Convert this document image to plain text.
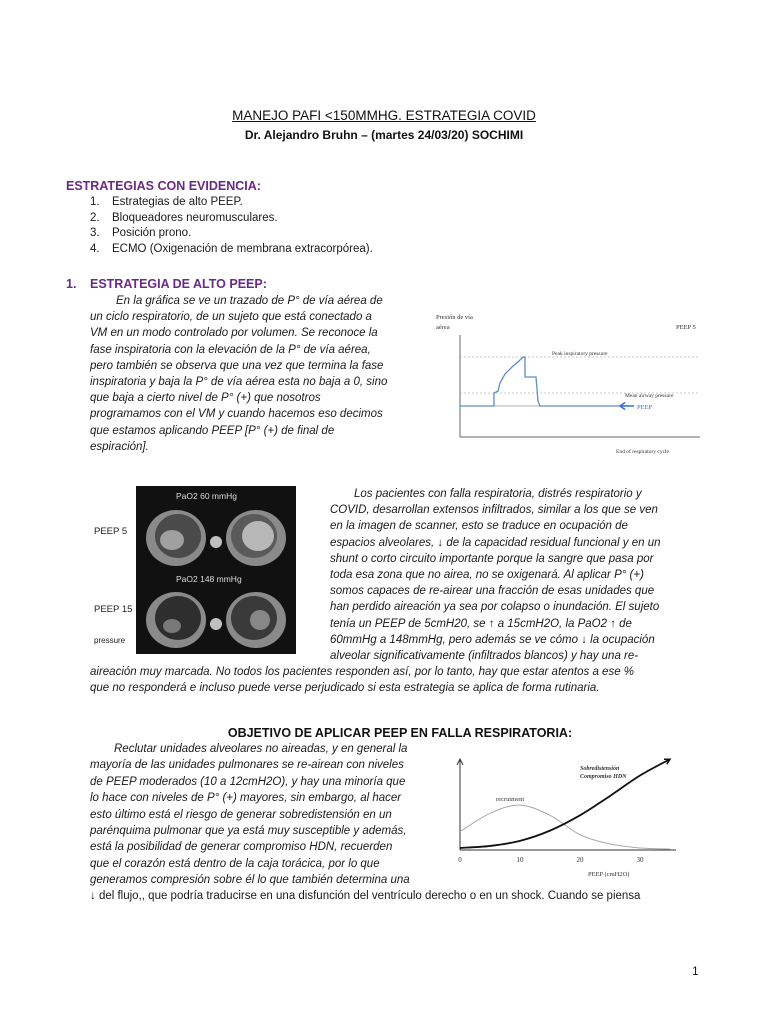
MANEJO PAFI <150MMHG. ESTRATEGIA COVID
Dr. Alejandro Bruhn – (martes 24/03/20) SOCHIMI
ESTRATEGIAS CON EVIDENCIA:
1. Estrategias de alto PEEP.
2. Bloqueadores neuromusculares.
3. Posición prono.
4. ECMO (Oxigenación de membrana extracorpórea).
1. ESTRATEGIA DE ALTO PEEP:
En la gráfica se ve un trazado de P° de vía aérea de
un ciclo respiratorio, de un sujeto que está conectado a
VM en un modo controlado por volumen. Se reconoce la
fase inspiratoria con la elevación de la P° de vía aérea,
pero también se observa que una vez que termina la fase
inspiratoria y baja la P° de vía aérea esta no baja a 0, sino
que baja a cierto nivel de P° (+) que nosotros
programamos con el VM y cuando hacemos eso decimos
que estamos aplicando PEEP [P° (+) de final de
espiración].
Presión de vía
aérea	PEEP 5
Peak inspiratory pressure
Mean airway pressure
PEEP
End of respiratory cycle
PEEP 5
PEEP 15
pressure
PaO2 60 mmHg
PaO2 148 mmHg
Los pacientes con falla respiratoria, distrés respiratorio y
COVID, desarrollan extensos infiltrados, similar a los que se ven
en la imagen de scanner, esto se traduce en ocupación de
espacios alveolares, ↓ de la capacidad residual funcional y en un
shunt o corto circuito importante porque la sangre que pasa por
toda esa zona que no airea, no se oxigenará. Al aplicar P° (+)
somos capaces de re-airear una fracción de esas unidades que
han perdido aireación ya sea por colapso o inundación. El sujeto
tenía un PEEP de 5cmH20, se ↑ a 15cmH2O, la PaO2 ↑ de
60mmHg a 148mmHg, pero además se ve cómo ↓ la ocupación
alveolar significativamente (infiltrados blancos) y hay una re-
aireación muy marcada. No todos los pacientes responden así, por lo tanto, hay que estar atentos a ese %
que no responderá e incluso puede verse perjudicado si esta estrategia se aplica de forma rutinaria.
OBJETIVO DE APLICAR PEEP EN FALLA RESPIRATORIA:
Reclutar unidades alveolares no aireadas, y en general la
mayoría de las unidades pulmonares se re-airean con niveles
de PEEP moderados (10 a 12cmH2O), y hay una minoría que
lo hace con niveles de P° (+) mayores, sin embargo, al hacer
esto último está el riesgo de generar sobredistensión en un
parénquima pulmonar que ya está muy susceptible y además,
está la posibilidad de generar compromiso HDN, recuerden
que el corazón está dentro de la caja torácica, por lo que
generamos compresión sobre él lo que también determina una
↓ del flujo,, que podría traducirse en una disfunción del ventrículo derecho o en un shock. Cuando se piensa
0	10	20	30
recrutment
Sobredistensión
Compromiso HDN
PEEP (cmH2O)
1
